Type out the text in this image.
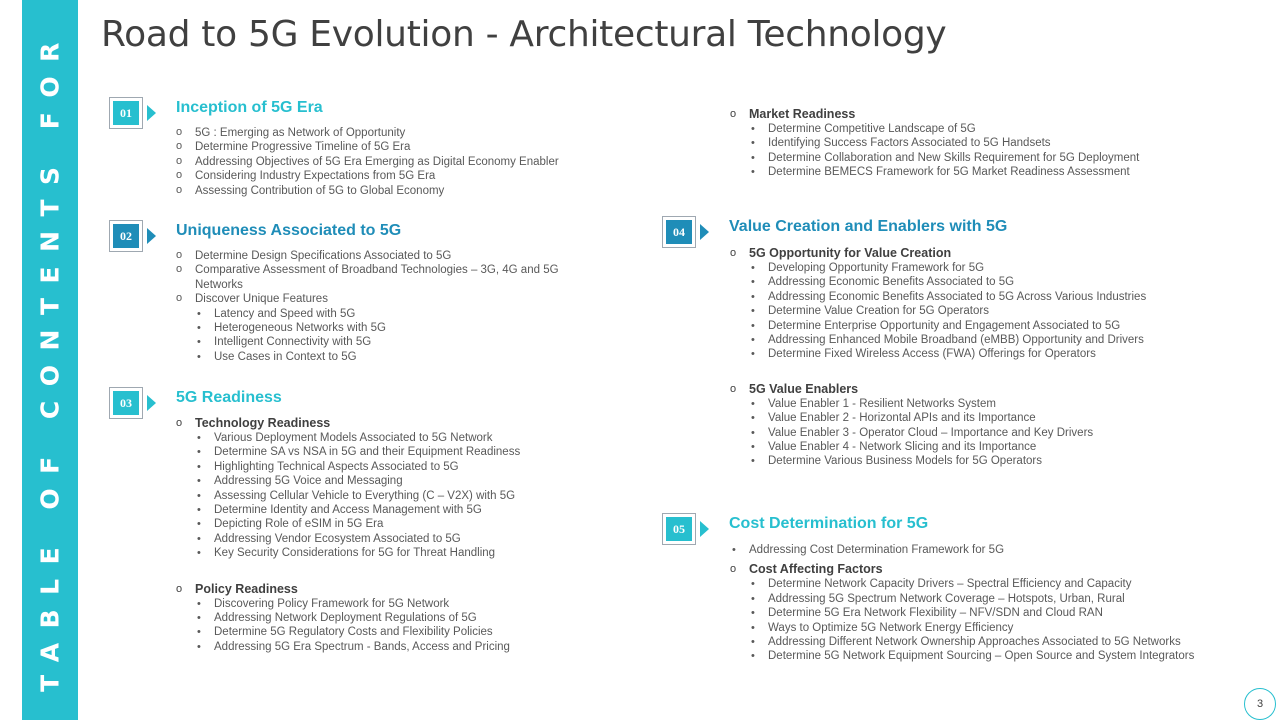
TABLE OF CONTENTS FOR Road to 5G Evolution - Architectural Technology
01	Inception of 5G Era
o 5G : Emerging as Network of Opportunity
o Determine Progressive Timeline of 5G Era
o Addressing Objectives of 5G Era Emerging as Digital Economy Enabler
o Considering Industry Expectations from 5G Era
o Assessing Contribution of 5G to Global Economy
02	Uniqueness Associated to 5G
o Determine Design Specifications Associated to 5G
o Comparative Assessment of Broadband Technologies – 3G, 4G and 5G Networks
o Discover Unique Features
• Latency and Speed with 5G
• Heterogeneous Networks with 5G
• Intelligent Connectivity with 5G
• Use Cases in Context to 5G
03	5G Readiness
o Technology Readiness
• Various Deployment Models Associated to 5G Network
• Determine SA vs NSA in 5G and their Equipment Readiness
• Highlighting Technical Aspects Associated to 5G
• Addressing 5G Voice and Messaging
• Assessing Cellular Vehicle to Everything (C – V2X) with 5G
• Determine Identity and Access Management with 5G
• Depicting Role of eSIM in 5G Era
• Addressing Vendor Ecosystem Associated to 5G
• Key Security Considerations for 5G for Threat Handling
o Policy Readiness
• Discovering Policy Framework for 5G Network
• Addressing Network Deployment Regulations of 5G
• Determine 5G Regulatory Costs and Flexibility Policies
• Addressing 5G Era Spectrum - Bands, Access and Pricing
o Market Readiness
• Determine Competitive Landscape of 5G
• Identifying Success Factors Associated to 5G Handsets
• Determine Collaboration and New Skills Requirement for 5G Deployment
• Determine BEMECS Framework for 5G Market Readiness Assessment
04	Value Creation and Enablers with 5G
o 5G Opportunity for Value Creation
• Developing Opportunity Framework for 5G
• Addressing Economic Benefits Associated to 5G
• Addressing Economic Benefits Associated to 5G Across Various Industries
• Determine Value Creation for 5G Operators
• Determine Enterprise Opportunity and Engagement Associated to 5G
• Addressing Enhanced Mobile Broadband (eMBB) Opportunity and Drivers
• Determine Fixed Wireless Access (FWA) Offerings for Operators
o 5G Value Enablers
• Value Enabler 1 - Resilient Networks System
• Value Enabler 2 - Horizontal APIs and its Importance
• Value Enabler 3 - Operator Cloud – Importance and Key Drivers
• Value Enabler 4 - Network Slicing and its Importance
• Determine Various Business Models for 5G Operators
05	Cost Determination for 5G
• Addressing Cost Determination Framework for 5G
o Cost Affecting Factors
• Determine Network Capacity Drivers – Spectral Efficiency and Capacity
• Addressing 5G Spectrum Network Coverage – Hotspots, Urban, Rural
• Determine 5G Era Network Flexibility – NFV/SDN and Cloud RAN
• Ways to Optimize 5G Network Energy Efficiency
• Addressing Different Network Ownership Approaches Associated to 5G Networks
• Determine 5G Network Equipment Sourcing – Open Source and System Integrators
3
